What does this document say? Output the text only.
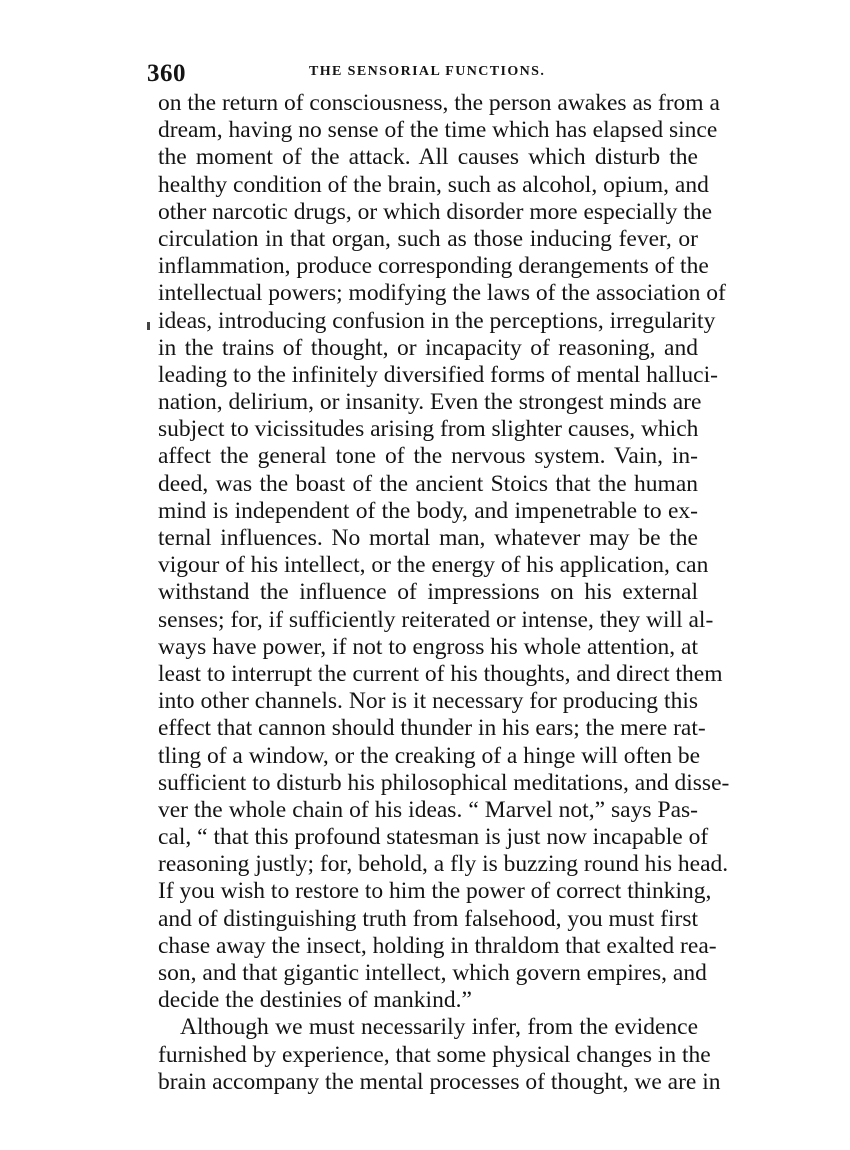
360	THE SENSORIAL FUNCTIONS.
on the return of consciousness, the person awakes as from a
dream, having no sense of the time which has elapsed since
the moment of the attack. All causes which disturb the
healthy condition of the brain, such as alcohol, opium, and
other narcotic drugs, or which disorder more especially the
circulation in that organ, such as those inducing fever, or
inflammation, produce corresponding derangements of the
intellectual powers; modifying the laws of the association of
ideas, introducing confusion in the perceptions, irregularity
in the trains of thought, or incapacity of reasoning, and
leading to the infinitely diversified forms of mental halluci-
nation, delirium, or insanity. Even the strongest minds are
subject to vicissitudes arising from slighter causes, which
affect the general tone of the nervous system. Vain, in-
deed, was the boast of the ancient Stoics that the human
mind is independent of the body, and impenetrable to ex-
ternal influences. No mortal man, whatever may be the
vigour of his intellect, or the energy of his application, can
withstand the influence of impressions on his external
senses; for, if sufficiently reiterated or intense, they will al-
ways have power, if not to engross his whole attention, at
least to interrupt the current of his thoughts, and direct them
into other channels. Nor is it necessary for producing this
effect that cannon should thunder in his ears; the mere rat-
tling of a window, or the creaking of a hinge will often be
sufficient to disturb his philosophical meditations, and disse-
ver the whole chain of his ideas. “ Marvel not,” says Pas-
cal, “ that this profound statesman is just now incapable of
reasoning justly; for, behold, a fly is buzzing round his head.
If you wish to restore to him the power of correct thinking,
and of distinguishing truth from falsehood, you must first
chase away the insect, holding in thraldom that exalted rea-
son, and that gigantic intellect, which govern empires, and
decide the destinies of mankind.”
Although we must necessarily infer, from the evidence
furnished by experience, that some physical changes in the
brain accompany the mental processes of thought, we are in
